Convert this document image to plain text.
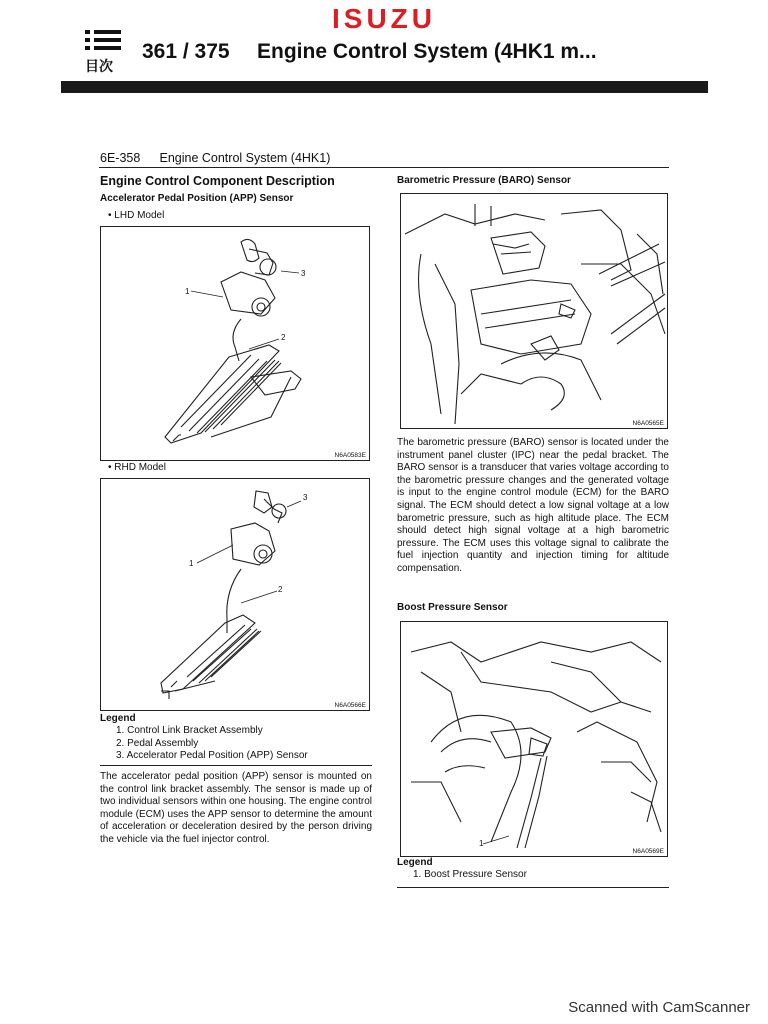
ISUZU
目次
361 / 375 Engine Control System (4HK1 m...
6E-358 Engine Control System (4HK1)
Engine Control Component Description
Accelerator Pedal Position (APP) Sensor
• LHD Model
3
1
2
N6A0583E
• RHD Model
3
1
2
N6A0566E
Legend
1. Control Link Bracket Assembly
2. Pedal Assembly
3. Accelerator Pedal Position (APP) Sensor
The accelerator pedal position (APP) sensor is mounted on the control link bracket assembly. The sensor is made up of two individual sensors within one housing. The engine control module (ECM) uses the APP sensor to determine the amount of acceleration or deceleration desired by the person driving the vehicle via the fuel injector control.
Barometric Pressure (BARO) Sensor
N6A0565E
The barometric pressure (BARO) sensor is located under the instrument panel cluster (IPC) near the pedal bracket. The BARO sensor is a transducer that varies voltage according to the barometric pressure changes and the generated voltage is input to the engine control module (ECM) for the BARO signal. The ECM should detect a low signal voltage at a low barometric pressure, such as high altitude place. The ECM should detect high signal voltage at a high barometric pressure. The ECM uses this voltage signal to calibrate the fuel injection quantity and injection timing for altitude compensation.
Boost Pressure Sensor
1
N6A0569E
Legend
1. Boost Pressure Sensor
Scanned with CamScanner
